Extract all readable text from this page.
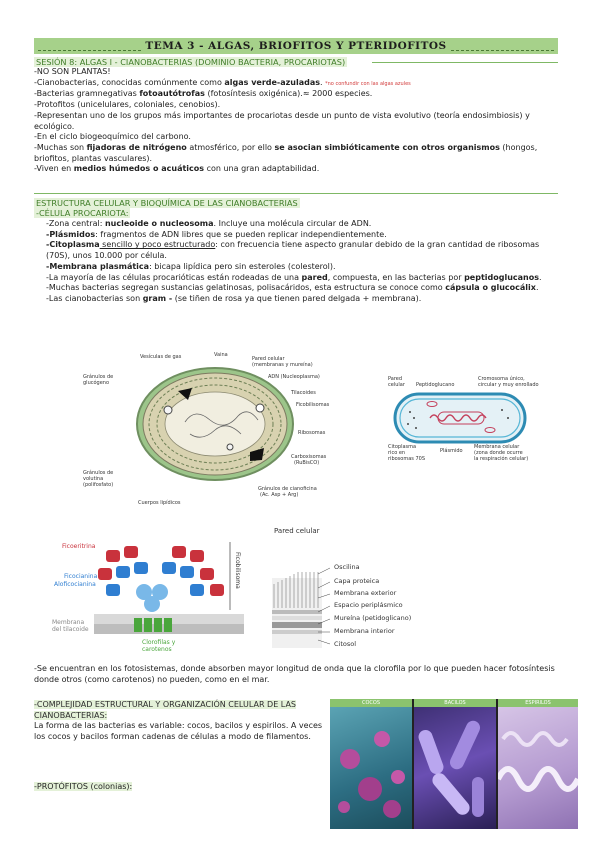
TEMA 3 - ALGAS, BRIOFITOS Y PTERIDOFITOS
SESIÓN 8: ALGAS I - CIANOBACTERIAS (DOMINIO BACTERIA, PROCARIOTAS)

-NO SON PLANTAS!

-Cianobacterias, conocidas comúnmente como algas verde-azuladas. *no confundir con las algas azules

-Bacterias gramnegativas fotoautótrofas (fotosíntesis oxigénica).≈ 2000 especies.

-Protofitos (unicelulares, coloniales, cenobios).

-Representan uno de los grupos más importantes de procariotas desde un punto de vista evolutivo (teoría endosimbiosis) y ecológico.

-En el ciclo biogeoquímico del carbono.

-Muchas son fijadoras de nitrógeno atmosférico, por ello se asocian simbióticamente con otros organismos (hongos, briofitos, plantas vasculares).

-Viven en medios húmedos o acuáticos con una gran adaptabilidad.

ESTRUCTURA CELULAR Y BIOQUÍMICA DE LAS CIANOBACTERIAS
-CÉLULA PROCARIOTA:

-Zona central: nucleoide o nucleosoma. Incluye una molécula circular de ADN.

-Plásmidos: fragmentos de ADN libres que se pueden replicar independientemente.

-Citoplasma sencillo y poco estructurado: con frecuencia tiene aspecto granular debido de la gran cantidad de ribosomas (70S), unos 10.000 por célula.

-Membrana plasmática: bicapa lipídica pero sin esteroles (colesterol).

-La mayoría de las células procarióticas están rodeadas de una pared, compuesta, en las bacterias por peptidoglucanos.

-Muchas bacterias segregan sustancias gelatinosas, polisacáridos, esta estructura se conoce como cápsula o glucocálix.

-Las cianobacterias son gram - (se tiñen de rosa ya que tienen pared delgada + membrana).

Vesículas de gas	Vaina
Pared celular
(membranas y mureína)
ADN (Nucleoplasma)
Gránulos de
glucógeno
Tilacoides
Ficobilisomas
Ribosomas
Carboxisomas
(RuBisCO)
Gránulos de
volutina
(polifosfato)
Gránulos de cianoficina
(Ac. Asp + Arg)
Cuerpos lipídicos
Pared
celular Peptidoglucano
Cromosoma único,
circular y muy enrollado
Citoplasma
rico en
ribosomas 70S
Plásmido
Membrana celular
(zona donde ocurre
la respiración celular)
Ficoeritrina
Ficocianina
Aloficocianina
Membrana
del tilacoide
Clorofilas y
carotenos
Ficobilisoma
Pared celular
Oscilina
Capa proteica
Membrana exterior
Espacio periplásmico
Mureína (petidoglicano)
Membrana interior
Citosol

-Se encuentran en los fotosistemas, donde absorben mayor longitud de onda que la clorofila por lo que pueden hacer fotosíntesis donde otros (como carotenos) no pueden, como en el mar.

-COMPLEJIDAD ESTRUCTURAL Y ORGANIZACIÓN CELULAR DE LAS CIANOBACTERIAS:

La forma de las bacterias es variable: cocos, bacilos y espirilos. A veces los cocos y bacilos forman cadenas de células a modo de filamentos.

-PROTÓFITOS (colonias):

COCOS	BACILOS	ESPIRILOS
